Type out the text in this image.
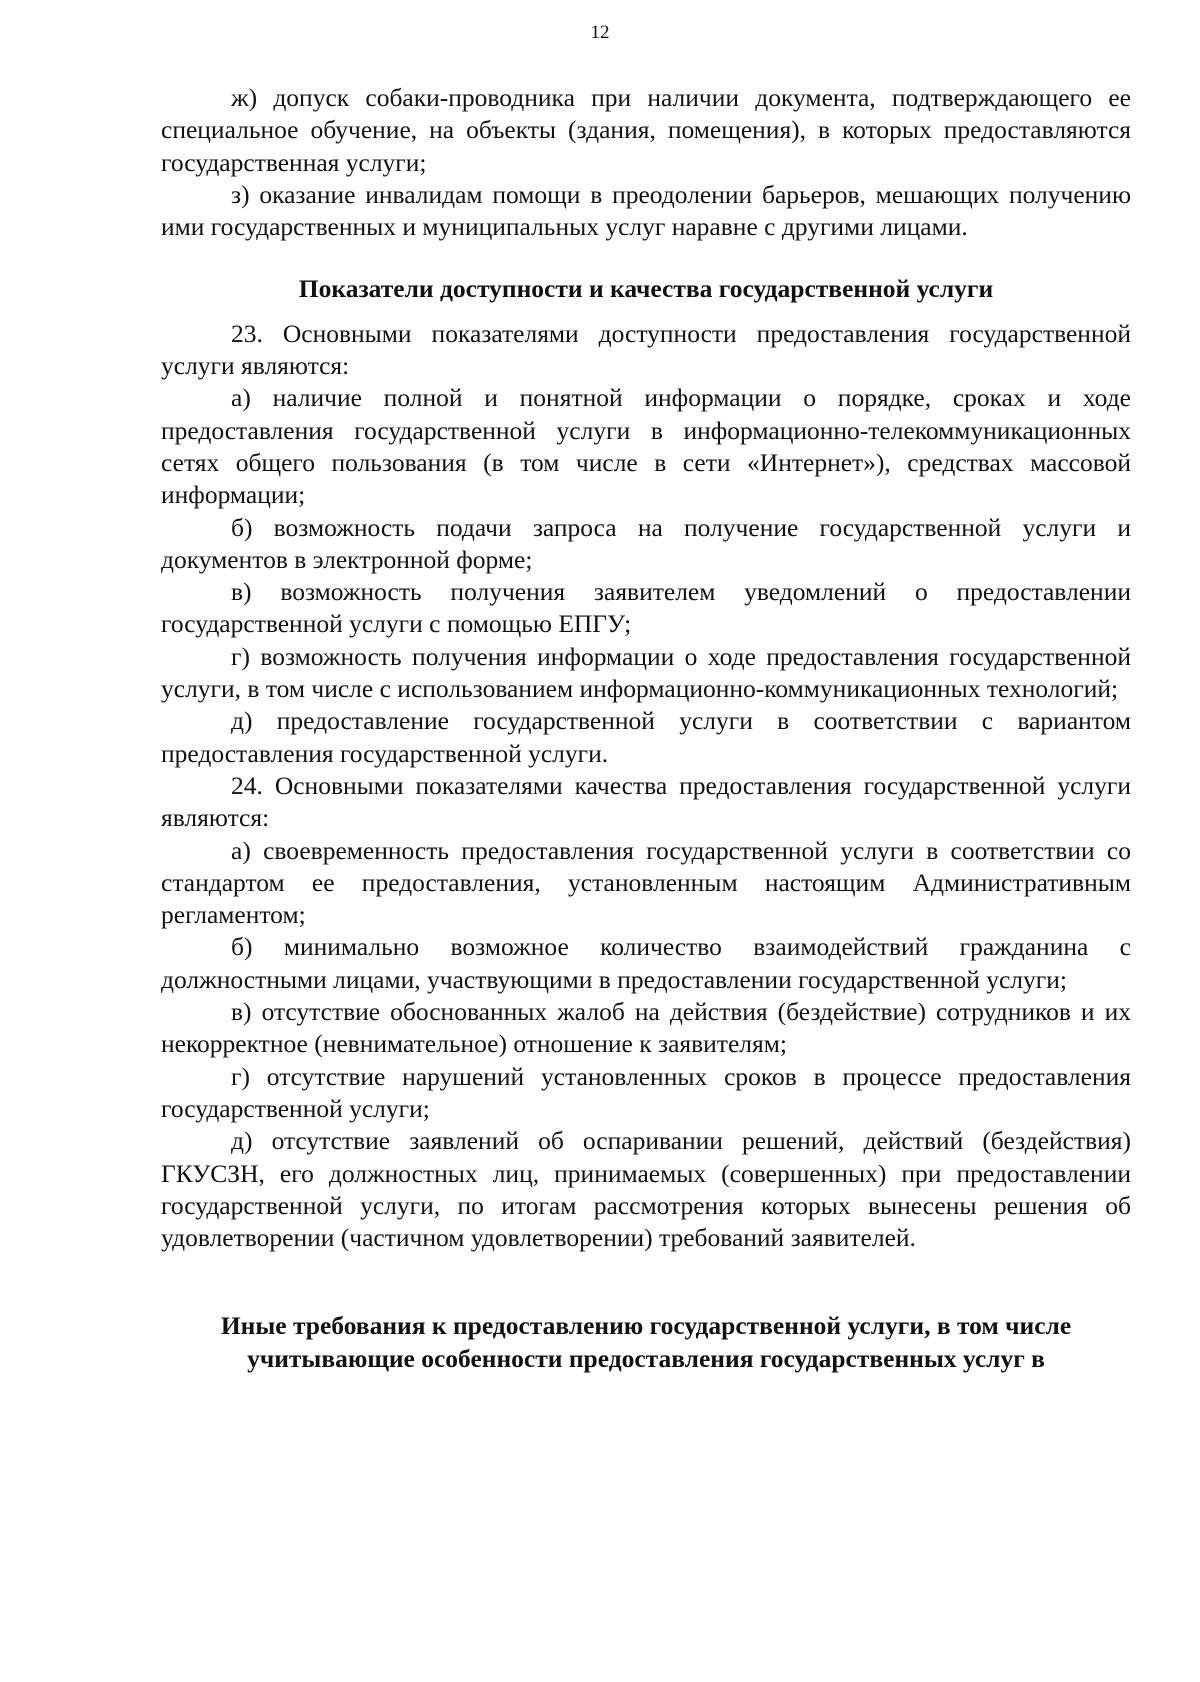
12

ж) допуск собаки-проводника при наличии документа, подтверждающего ее специальное обучение, на объекты (здания, помещения), в которых предоставляются государственная услуги;

з) оказание инвалидам помощи в преодолении барьеров, мешающих получению ими государственных и муниципальных услуг наравне с другими лицами.

Показатели доступности и качества государственной услуги

23. Основными показателями доступности предоставления государственной услуги являются:

а) наличие полной и понятной информации о порядке, сроках и ходе предоставления государственной услуги в информационно-телекоммуникационных сетях общего пользования (в том числе в сети «Интернет»), средствах массовой информации;

б) возможность подачи запроса на получение государственной услуги и документов в электронной форме;

в) возможность получения заявителем уведомлений о предоставлении государственной услуги с помощью ЕПГУ;

г) возможность получения информации о ходе предоставления государственной услуги, в том числе с использованием информационно-коммуникационных технологий;

д) предоставление государственной услуги в соответствии с вариантом предоставления государственной услуги.

24. Основными показателями качества предоставления государственной услуги являются:

а) своевременность предоставления государственной услуги в соответствии со стандартом ее предоставления, установленным настоящим Административным регламентом;

б) минимально возможное количество взаимодействий гражданина с должностными лицами, участвующими в предоставлении государственной услуги;

в) отсутствие обоснованных жалоб на действия (бездействие) сотрудников и их некорректное (невнимательное) отношение к заявителям;

г) отсутствие нарушений установленных сроков в процессе предоставления государственной услуги;

д) отсутствие заявлений об оспаривании решений, действий (бездействия) ГКУСЗН, его должностных лиц, принимаемых (совершенных) при предоставлении государственной услуги, по итогам рассмотрения которых вынесены решения об удовлетворении (частичном удовлетворении) требований заявителей.

Иные требования к предоставлению государственной услуги, в том числе учитывающие особенности предоставления государственных услуг в
